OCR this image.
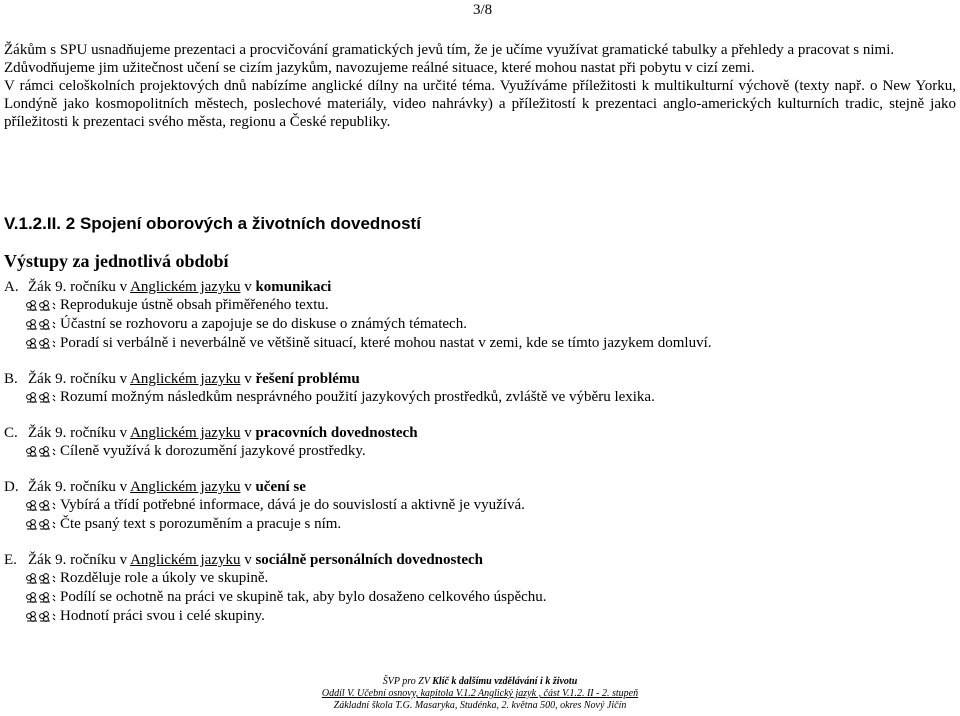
3/8

Žákům s SPU usnadňujeme prezentaci a procvičování gramatických jevů tím, že je učíme využívat gramatické tabulky a přehledy a pracovat s nimi.

Zdůvodňujeme jim užitečnost učení se cizím jazykům, navozujeme reálné situace, které mohou nastat při pobytu v cizí zemi.

V rámci celoškolních projektových dnů nabízíme anglické dílny na určité téma. Využíváme příležitosti k multikulturní výchově (texty např. o New Yorku, Londýně jako kosmopolitních městech, poslechové materiály, video nahrávky) a příležitostí k prezentaci anglo-amerických kulturních tradic, stejně jako příležitosti k prezentaci svého města, regionu a České republiky.

V.1.2.II. 2 Spojení oborových a životních dovedností
Výstupy za jednotlivá období
A. Žák 9. ročníku v Anglickém jazyku v komunikaci
Reprodukuje ústně obsah přiměřeného textu.
Účastní se rozhovoru a zapojuje se do diskuse o známých tématech.
Poradí si verbálně i neverbálně ve většině situací, které mohou nastat v zemi, kde se tímto jazykem domluví.
B. Žák 9. ročníku v Anglickém jazyku v řešení problému
Rozumí možným následkům nesprávného použití jazykových prostředků, zvláště ve výběru lexika.
C. Žák 9. ročníku v Anglickém jazyku v pracovních dovednostech
Cíleně využívá k dorozumění jazykové prostředky.
D. Žák 9. ročníku v Anglickém jazyku v učení se
Vybírá a třídí potřebné informace, dává je do souvislostí a aktivně je využívá.
Čte psaný text s porozuměním a pracuje s ním.
E. Žák 9. ročníku v Anglickém jazyku v sociálně personálních dovednostech
Rozděluje role a úkoly ve skupině.
Podílí se ochotně na práci ve skupině tak, aby bylo dosaženo celkového úspěchu.
Hodnotí práci svou i celé skupiny.
ŠVP pro ZV Klíč k dalšímu vzdělávání i k životu
Oddíl V. Učební osnovy, kapitola V.1.2 Anglický jazyk , část V.1.2. II - 2. stupeň
Základní škola T.G. Masaryka, Studénka, 2. května 500, okres Nový Jičín
